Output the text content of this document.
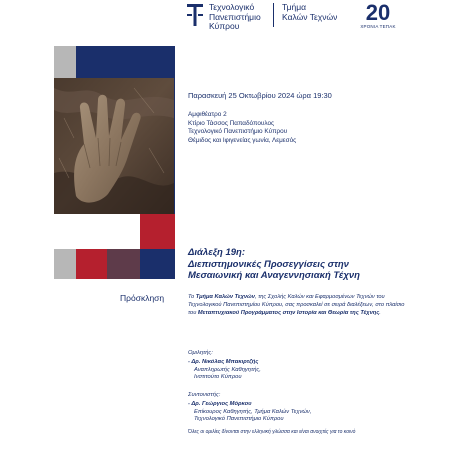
Τεχνολογικό
Πανεπιστήμιο
Κύπρου
Τμήμα
Καλών Τεχνών 20
ΧΡΟΝΙΑ ΤΕΠΑΚ
Παρασκευή 25 Οκτωβρίου 2024 ώρα 19:30
Αμφιθέατρο 2
Κτίριο Τάσσος Παπαδόπουλος
Τεχνολογικό Πανεπιστήμιο Κύπρου
Θέμιδος και Ιφιγενείας γωνία, Λεμεσός
Διάλεξη 19η:
Διεπιστημονικές Προσεγγίσεις στην
Μεσαιωνική και Αναγεννησιακή Τέχνη
Πρόσκληση	Το Τμήμα Καλών Τεχνών, της Σχολής Καλών και Εφαρμοσμένων Τεχνών του Τεχνολογικού Πανεπιστημίου Κύπρου, σας προσκαλεί σε σειρά διαλέξεων, στο πλαίσιο του Μεταπτυχιακού Προγράμματος στην Ιστορία και Θεωρία της Τέχνης.
Ομιλητής:
- Δρ. Νικόλας Μπακιρτζής
Αναπληρωτής Καθηγητής,
Ινστιτούτο Κύπρου
Συντονιστής:
- Δρ. Γεώργιος Μόρκου
Επίκουρος Καθηγητής, Τμήμα Καλών Τεχνών,
Τεχνολογικό Πανεπιστήμιο Κύπρου
Όλες οι ομιλίες δίνονται στην ελληνική γλώσσα και είναι ανοιχτές για το κοινό
